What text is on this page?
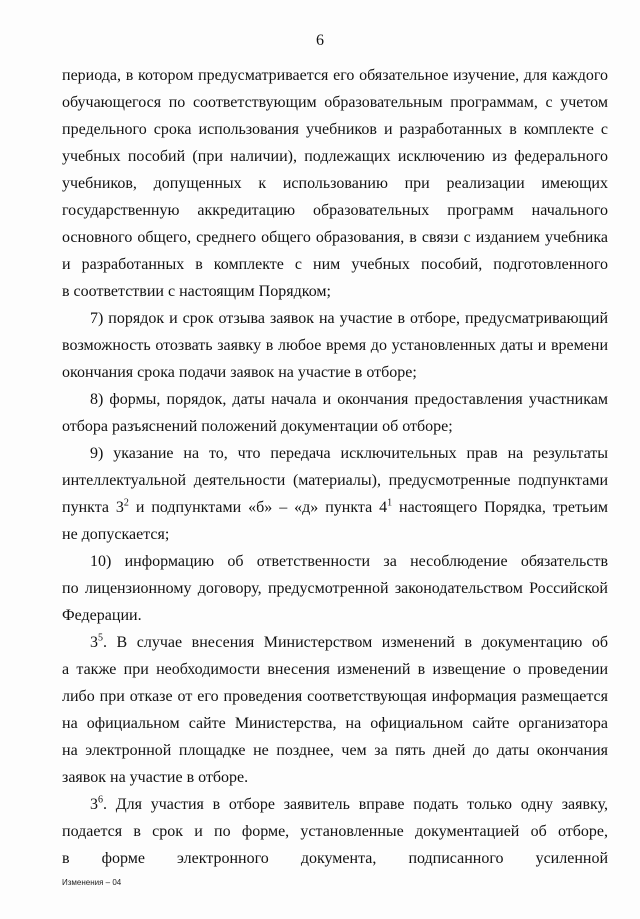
6
периода, в котором предусматривается его обязательное изучение, для каждого
обучающегося по соответствующим образовательным программам, с учетом
предельного срока использования учебников и разработанных в комплекте с
учебных пособий (при наличии), подлежащих исключению из федерального
учебников, допущенных к использованию при реализации имеющих
государственную аккредитацию образовательных программ начального
основного общего, среднего общего образования, в связи с изданием учебника
и разработанных в комплекте с ним учебных пособий, подготовленного
в соответствии с настоящим Порядком;
7) порядок и срок отзыва заявок на участие в отборе, предусматривающий
возможность отозвать заявку в любое время до установленных даты и времени
окончания срока подачи заявок на участие в отборе;
8) формы, порядок, даты начала и окончания предоставления участникам
отбора разъяснений положений документации об отборе;
9) указание на то, что передача исключительных прав на результаты
интеллектуальной деятельности (материалы), предусмотренные подпунктами
пункта $3^2$ и подпунктами «б» – «д» пункта $4^1$ настоящего Порядка, третьим
не допускается;
10) информацию об ответственности за несоблюдение обязательств
по лицензионному договору, предусмотренной законодательством Российской
Федерации.
$3^5$. В случае внесения Министерством изменений в документацию об
а также при необходимости внесения изменений в извещение о проведении
либо при отказе от его проведения соответствующая информация размещается
на официальном сайте Министерства, на официальном сайте организатора
на электронной площадке не позднее, чем за пять дней до даты окончания
заявок на участие в отборе.
$3^6$. Для участия в отборе заявитель вправе подать только одну заявку,
подается в срок и по форме, установленные документацией об отборе,
в форме электронного документа, подписанного усиленной
Изменения – 04
